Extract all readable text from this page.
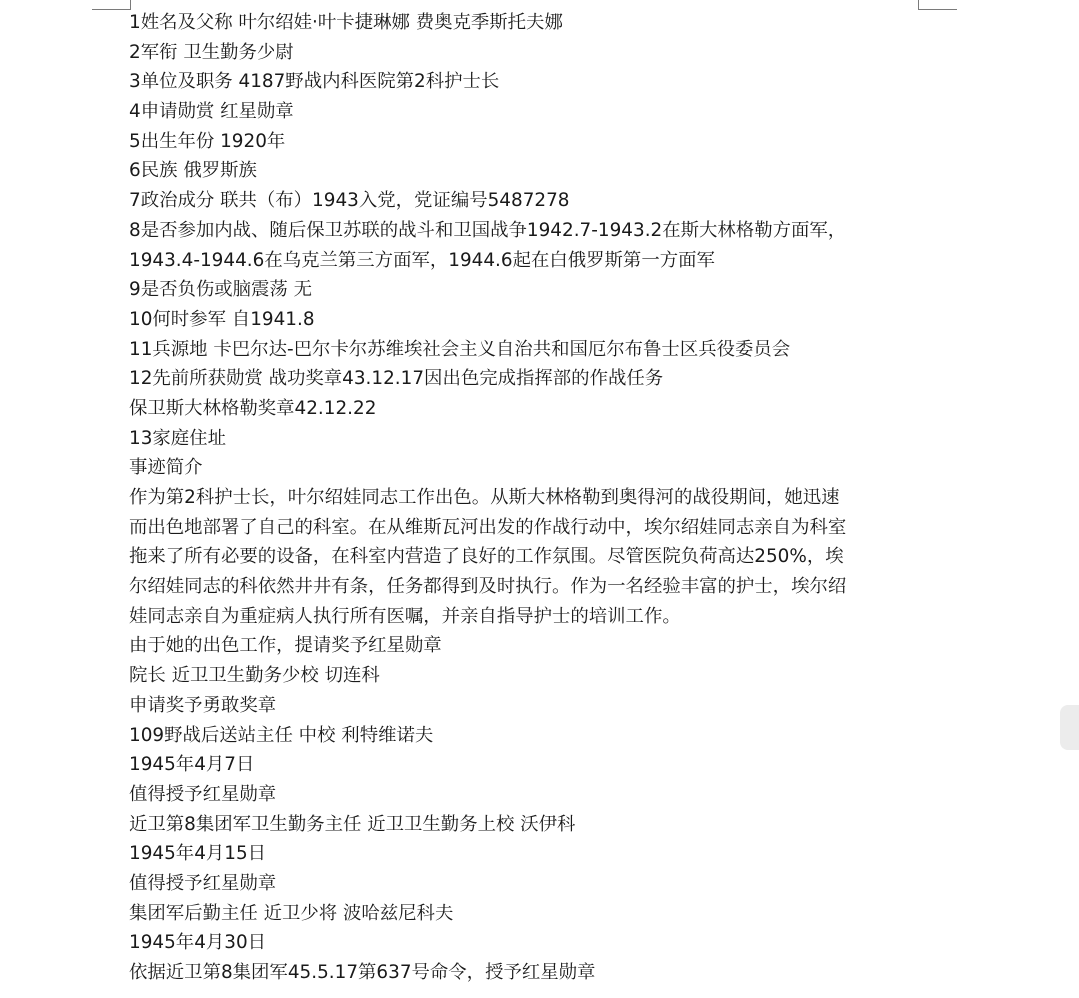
1姓名及父称 叶尔绍娃·叶卡捷琳娜 费奥克季斯托夫娜

2军衔 卫生勤务少尉

3单位及职务 4187野战内科医院第2科护士长

4申请勋赏 红星勋章

5出生年份 1920年

6民族 俄罗斯族

7政治成分 联共（布）1943入党，党证编号5487278

8是否参加内战、随后保卫苏联的战斗和卫国战争1942.7-1943.2在斯大林格勒方面军，

1943.4-1944.6在乌克兰第三方面军，1944.6起在白俄罗斯第一方面军

9是否负伤或脑震荡 无

10何时参军 自1941.8

11兵源地 卡巴尔达-巴尔卡尔苏维埃社会主义自治共和国厄尔布鲁士区兵役委员会

12先前所获勋赏 战功奖章43.12.17因出色完成指挥部的作战任务

保卫斯大林格勒奖章42.12.22

13家庭住址

事迹简介

作为第2科护士长，叶尔绍娃同志工作出色。从斯大林格勒到奥得河的战役期间，她迅速

而出色地部署了自己的科室。在从维斯瓦河出发的作战行动中，埃尔绍娃同志亲自为科室

拖来了所有必要的设备，在科室内营造了良好的工作氛围。尽管医院负荷高达250%，埃

尔绍娃同志的科依然井井有条，任务都得到及时执行。作为一名经验丰富的护士，埃尔绍

娃同志亲自为重症病人执行所有医嘱，并亲自指导护士的培训工作。

由于她的出色工作，提请奖予红星勋章

院长 近卫卫生勤务少校 切连科

申请奖予勇敢奖章

109野战后送站主任 中校 利特维诺夫

1945年4月7日

值得授予红星勋章

近卫第8集团军卫生勤务主任 近卫卫生勤务上校 沃伊科

1945年4月15日

值得授予红星勋章

集团军后勤主任 近卫少将 波哈兹尼科夫

1945年4月30日

依据近卫第8集团军45.5.17第637号命令，授予红星勋章
